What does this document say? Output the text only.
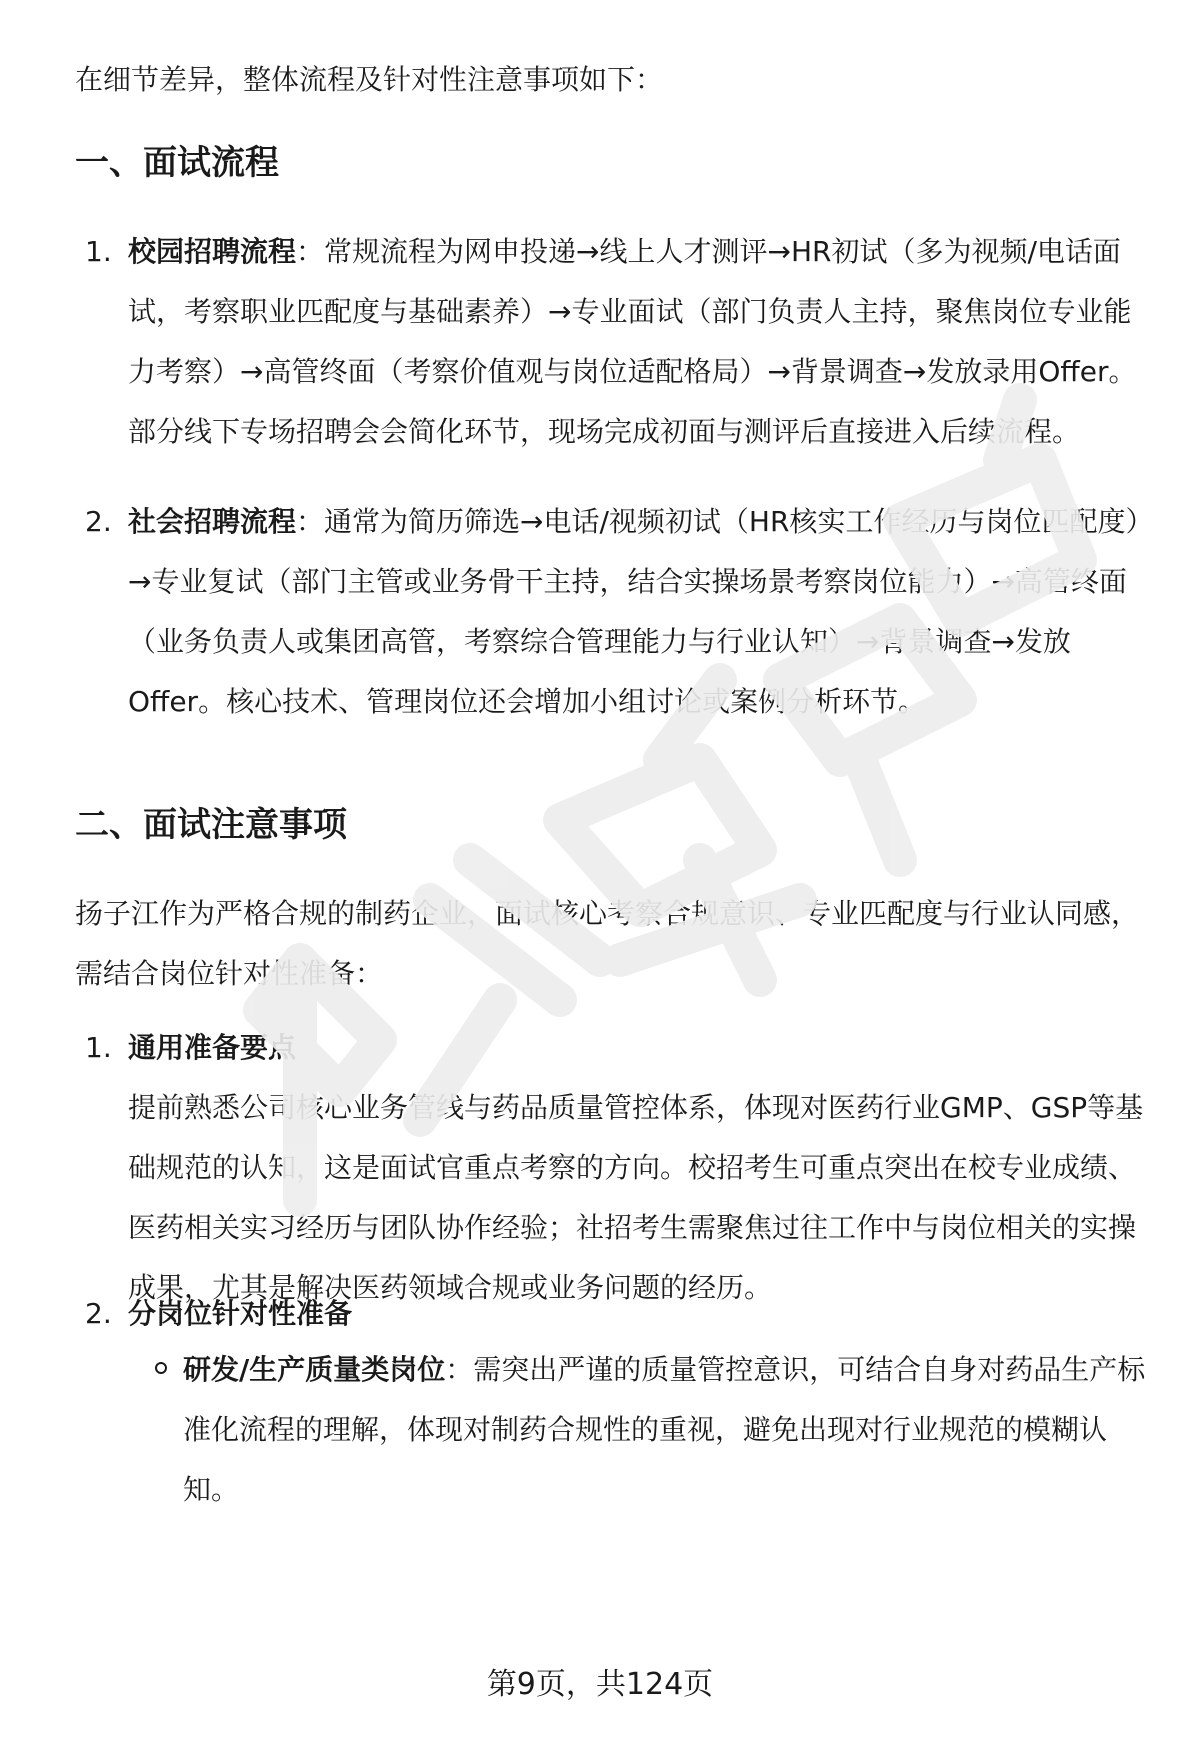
在细节差异，整体流程及针对性注意事项如下：
一、面试流程
1. 校园招聘流程：常规流程为网申投递→线上人才测评→HR初试（多为视频/电话面试，考察职业匹配度与基础素养）→专业面试（部门负责人主持，聚焦岗位专业能力考察）→高管终面（考察价值观与岗位适配格局）→背景调查→发放录用Offer。部分线下专场招聘会会简化环节，现场完成初面与测评后直接进入后续流程。
2. 社会招聘流程：通常为简历筛选→电话/视频初试（HR核实工作经历与岗位匹配度）→专业复试（部门主管或业务骨干主持，结合实操场景考察岗位能力）→高管终面（业务负责人或集团高管，考察综合管理能力与行业认知）→背景调查→发放Offer。核心技术、管理岗位还会增加小组讨论或案例分析环节。
二、面试注意事项
扬子江作为严格合规的制药企业，面试核心考察合规意识、专业匹配度与行业认同感，需结合岗位针对性准备：
1. 通用准备要点
提前熟悉公司核心业务管线与药品质量管控体系，体现对医药行业GMP、GSP等基础规范的认知，这是面试官重点考察的方向。校招考生可重点突出在校专业成绩、医药相关实习经历与团队协作经验；社招考生需聚焦过往工作中与岗位相关的实操成果，尤其是解决医药领域合规或业务问题的经历。
2. 分岗位针对性准备
研发/生产质量类岗位：需突出严谨的质量管控意识，可结合自身对药品生产标准化流程的理解，体现对制药合规性的重视，避免出现对行业规范的模糊认知。
第9页，共124页
